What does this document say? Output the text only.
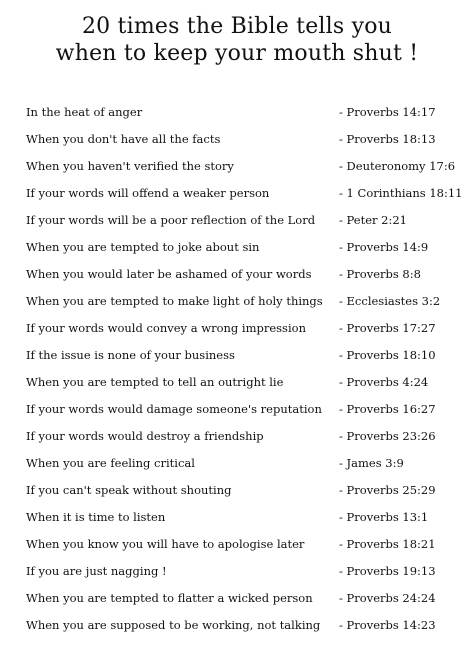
20 times the Bible tells you
when to keep your mouth shut !
In the heat of anger	- Proverbs 14:17
When you don't have all the facts	- Proverbs 18:13
When you haven't verified the story	- Deuteronomy 17:6
If your words will offend a weaker person	- 1 Corinthians 18:11
If your words will be a poor reflection of the Lord - Peter 2:21
When you are tempted to joke about sin	- Proverbs 14:9
When you would later be ashamed of your words - Proverbs 8:8
When you are tempted to make light of holy things - Ecclesiastes 3:2
If your words would convey a wrong impression	- Proverbs 17:27
If the issue is none of your business	- Proverbs 18:10
When you are tempted to tell an outright lie	- Proverbs 4:24
If your words would damage someone's reputation - Proverbs 16:27
If your words would destroy a friendship	- Proverbs 23:26
When you are feeling critical	- James 3:9
If you can't speak without shouting	- Proverbs 25:29
When it is time to listen	- Proverbs 13:1
When you know you will have to apologise later	- Proverbs 18:21
If you are just nagging !	- Proverbs 19:13
When you are tempted to flatter a wicked person - Proverbs 24:24
When you are supposed to be working, not talking - Proverbs 14:23
